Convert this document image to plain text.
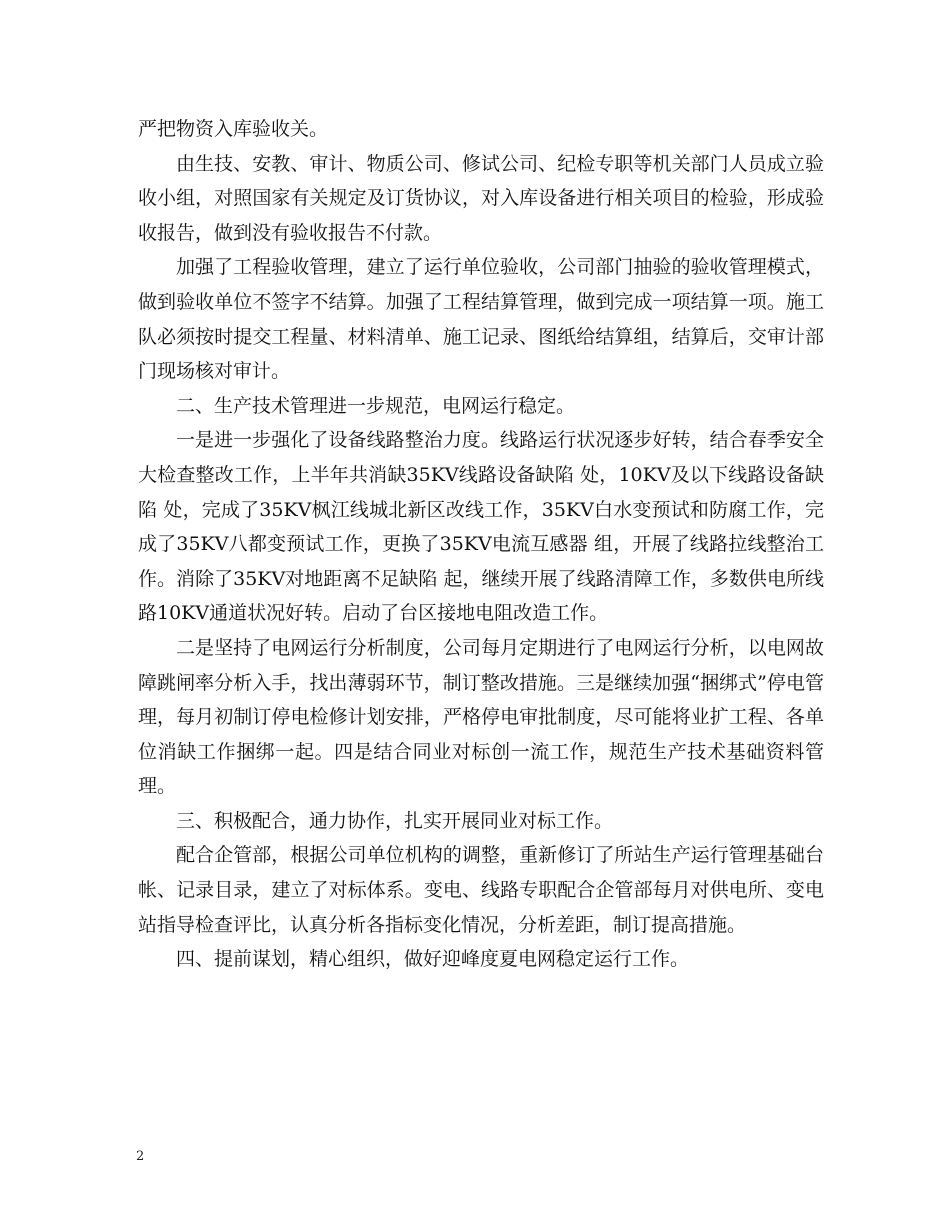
严把物资入库验收关。

由生技、安教、审计、物质公司、修试公司、纪检专职等机关部门人员成立验收小组，对照国家有关规定及订货协议，对入库设备进行相关项目的检验，形成验收报告，做到没有验收报告不付款。

加强了工程验收管理，建立了运行单位验收，公司部门抽验的验收管理模式，做到验收单位不签字不结算。加强了工程结算管理，做到完成一项结算一项。施工队必须按时提交工程量、材料清单、施工记录、图纸给结算组，结算后，交审计部门现场核对审计。

二、生产技术管理进一步规范，电网运行稳定。

一是进一步强化了设备线路整治力度。线路运行状况逐步好转，结合春季安全大检查整改工作，上半年共消缺35KV线路设备缺陷 处，10KV及以下线路设备缺陷 处，完成了35KV枫江线城北新区改线工作，35KV白水变预试和防腐工作，完成了35KV八都变预试工作，更换了35KV电流互感器 组，开展了线路拉线整治工作。消除了35KV对地距离不足缺陷 起，继续开展了线路清障工作，多数供电所线路10KV通道状况好转。启动了台区接地电阻改造工作。

二是坚持了电网运行分析制度，公司每月定期进行了电网运行分析，以电网故障跳闸率分析入手，找出薄弱环节，制订整改措施。三是继续加强“捆绑式”停电管理，每月初制订停电检修计划安排，严格停电审批制度，尽可能将业扩工程、各单位消缺工作捆绑一起。四是结合同业对标创一流工作，规范生产技术基础资料管理。

三、积极配合，通力协作，扎实开展同业对标工作。

配合企管部，根据公司单位机构的调整，重新修订了所站生产运行管理基础台帐、记录目录，建立了对标体系。变电、线路专职配合企管部每月对供电所、变电站指导检查评比，认真分析各指标变化情况，分析差距，制订提高措施。

四、提前谋划，精心组织，做好迎峰度夏电网稳定运行工作。

2
